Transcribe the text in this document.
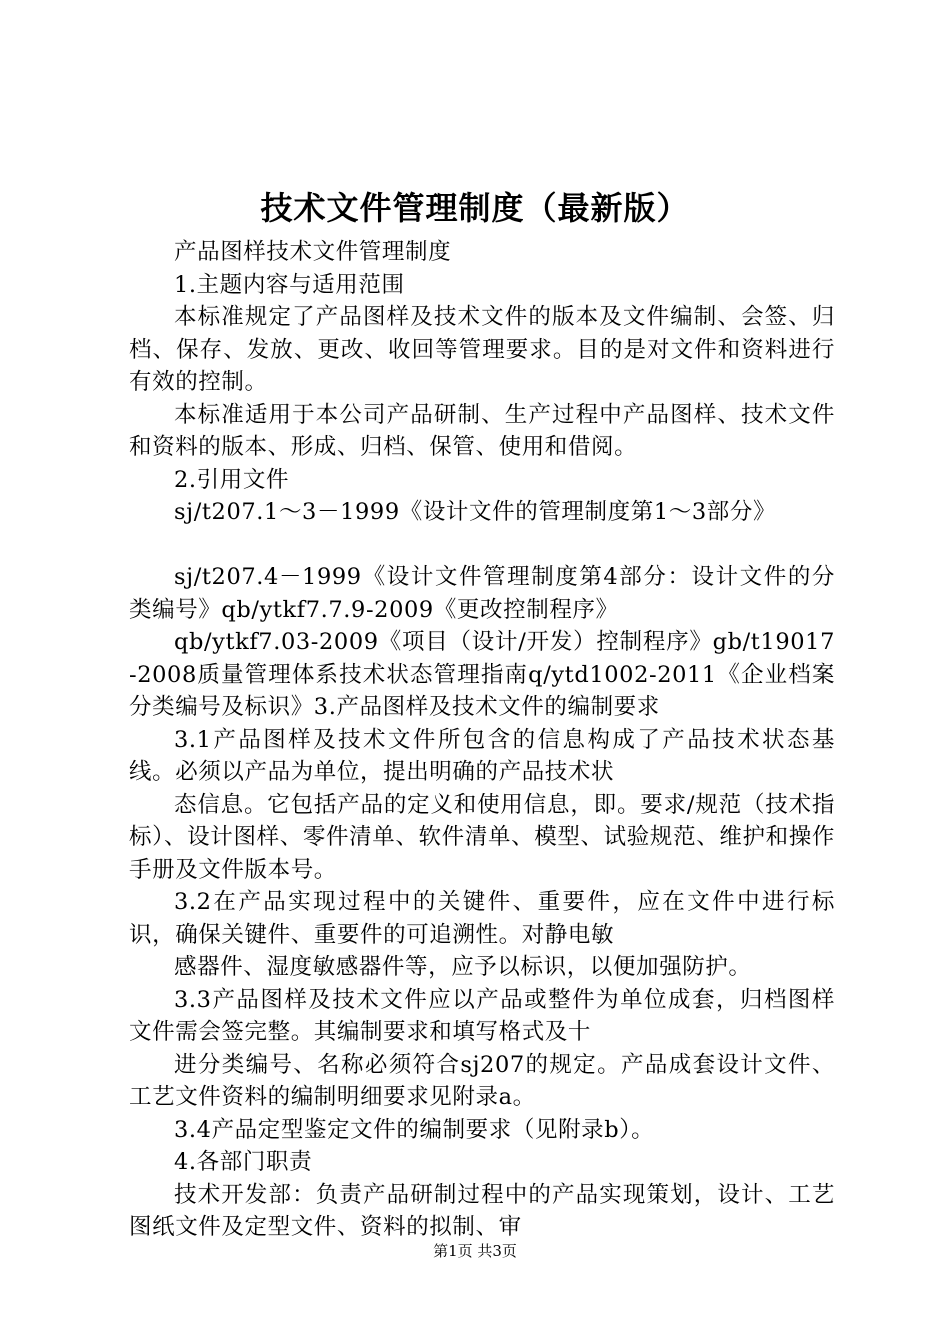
技术文件管理制度（最新版）

产品图样技术文件管理制度

1.主题内容与适用范围

本标准规定了产品图样及技术文件的版本及文件编制、会签、归档、保存、发放、更改、收回等管理要求。目的是对文件和资料进行有效的控制。

本标准适用于本公司产品研制、生产过程中产品图样、技术文件和资料的版本、形成、归档、保管、使用和借阅。

2.引用文件

sj/t207.1～3－1999《设计文件的管理制度第1～3部分》

sj/t207.4－1999《设计文件管理制度第4部分：设计文件的分类编号》qb/ytkf7.7.9-2009《更改控制程序》

qb/ytkf7.03-2009《项目（设计/开发）控制程序》gb/t19017-2008质量管理体系技术状态管理指南q/ytd1002-2011《企业档案分类编号及标识》3.产品图样及技术文件的编制要求

3.1产品图样及技术文件所包含的信息构成了产品技术状态基线。必须以产品为单位，提出明确的产品技术状

态信息。它包括产品的定义和使用信息，即。要求/规范（技术指标）、设计图样、零件清单、软件清单、模型、试验规范、维护和操作手册及文件版本号。

3.2在产品实现过程中的关键件、重要件，应在文件中进行标识，确保关键件、重要件的可追溯性。对静电敏

感器件、湿度敏感器件等，应予以标识，以便加强防护。

3.3产品图样及技术文件应以产品或整件为单位成套，归档图样文件需会签完整。其编制要求和填写格式及十

进分类编号、名称必须符合sj207的规定。产品成套设计文件、工艺文件资料的编制明细要求见附录a。

3.4产品定型鉴定文件的编制要求（见附录b）。

4.各部门职责

技术开发部：负责产品研制过程中的产品实现策划，设计、工艺图纸文件及定型文件、资料的拟制、审

第1页 共3页
